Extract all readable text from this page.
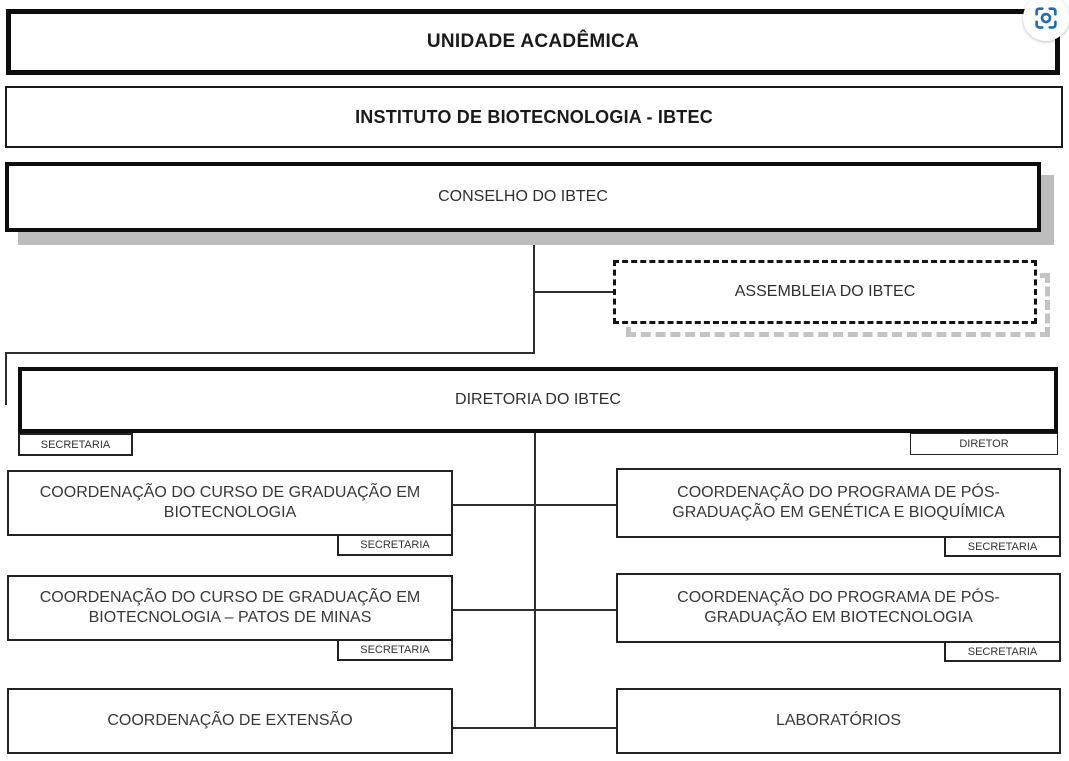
UNIDADE ACADÊMICA
INSTITUTO DE BIOTECNOLOGIA - IBTEC
CONSELHO DO IBTEC
ASSEMBLEIA DO IBTEC
DIRETORIA DO IBTEC
SECRETARIA	DIRETOR
COORDENAÇÃO DO CURSO DE GRADUAÇÃO EM BIOTECNOLOGIA
SECRETARIA
COORDENAÇÃO DO CURSO DE GRADUAÇÃO EM BIOTECNOLOGIA – PATOS DE MINAS
SECRETARIA
COORDENAÇÃO DE EXTENSÃO
COORDENAÇÃO DO PROGRAMA DE PÓS-GRADUAÇÃO EM GENÉTICA E BIOQUÍMICA
SECRETARIA
COORDENAÇÃO DO PROGRAMA DE PÓS-GRADUAÇÃO EM BIOTECNOLOGIA
SECRETARIA
LABORATÓRIOS
